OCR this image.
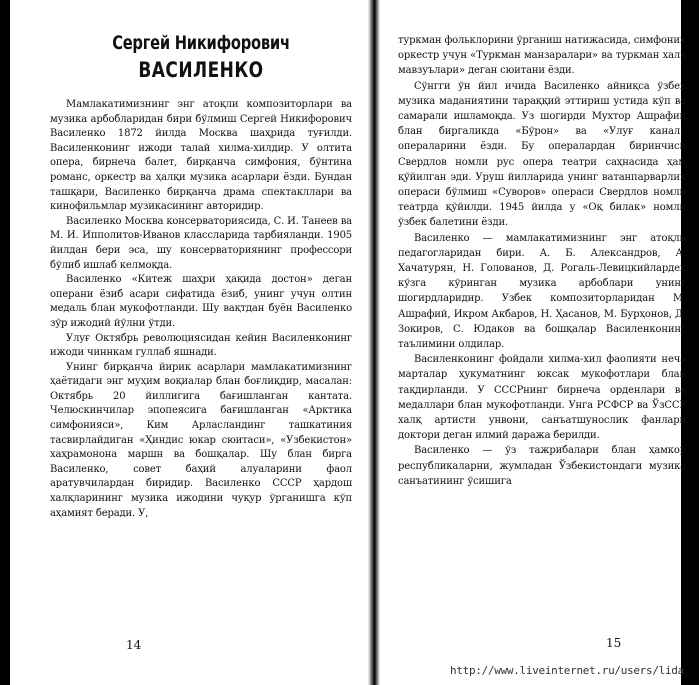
Сергей Никифорович
ВАСИЛЕНКО

Мамлакатимизнинг энг атоқли композиторлари ва музика арбобларидан бири бўлмиш Сергей Никифорович Василенко 1872 йилда Москва шаҳрида туғилди. Василенконинг ижоди талай хилма-хилдир. У олтита опера, бирнеча балет, бирқанча симфония, бўнтина романс, оркестр ва ҳалқи музика асарлари ёзди. Бундан ташқари, Василенко бирқанча драма спектакллари ва кинофильмлар музикасининг авторидир.

Василенко Москва консерваториясида, С. И. Танеев ва М. И. Ипполитов-Иванов классларида тарбияланди. 1905 йилдан бери эса, шу консерваториянинг профессори бўлиб ишлаб келмоқда.

Василенко «Китеж шаҳри ҳақида достон» деган операни ёзиб асари сифатида ёзиб, унинг учун олтин медаль блан мукофотланди. Шу вақтдан буён Василенко зўр ижодий йўлни ўтди.

Улуғ Октябрь революциясидан кейин Василенконинг ижоди чиннкам гуллаб яшнади.

Унинг бирқанча йирик асарлари мамлакатимизнинг ҳаётидаги энг муҳим воқиалар блан боғлиқдир, масалан: Октябрь 20 йиллигига бағишланган кантата. Челюскинчилар эпопеясига бағишланган «Арктика симфонияси», Ким Арласландинг ташкатиния тасвирлайдиган «Ҳиндис юкар сюитаси», «Узбекистон» хаҳрамонона маршн ва бошқалар. Шу блан бирга Василенко, совет баҳий алуаларини фаол аратувчилардан биридир. Василенко СССР ҳардош халқларининг музика ижодини чуқур ўрганишга кўп аҳамият беради. У,

14

туркман фольклорини ўрганиш натижасида, симфоник оркестр учун «Туркман манзаралари» ва туркман халқ мавзуълари» деган сюитани ёзди.

Сўнгги ўн йил ичида Василенко айниқса ўзбек музика маданиятини тараққий эттириш устида кўп ва самарали ишламоқда. Уз шогирди Мухтор Ашрафий блан биргаликда «Бўрон» ва «Улуғ канал» операларини ёзди. Бу опералардан биринчиси Свердлов номли рус опера театри саҳнасида ҳам қўйилган эди. Уруш йилларида унинг ватанпарварлик операси бўлмиш «Суворов» операси Свердлов номли театрда қўйилди. 1945 йилда у «Оқ билак» номли ўзбек балетини ёзди.

Василенко — мамлакатимизнинг энг атоқли педагогларидан бири. А. Б. Александров, А. Хачатурян, Н. Голованов, Д. Рогаль-Левицкийлардек кўзга кўринган музика арбоблари унинг шогирдларидир. Узбек композиторларидан М. Ашрафий, Икром Акбаров, Н. Ҳасанов, М. Бурҳонов, Д. Зокиров, С. Юдаков ва бошқалар Василенконинг таълимини олдилар.

Василенконинг фойдали хилма-хил фаолияти неча марталар ҳукуматнинг юксак мукофотлари блан тақдирланди. У СССРнинг бирнеча орденлари ва медаллари блан мукофотланди. Унга РСФСР ва ЎзССР халқ артисти унвони, санъатшунослик фанлари доктори деган илмий даража берилди.

Василенко — ўз тажрибалари блан ҳамкор республикаларни, жумладан Ўзбекистондаги музика санъатининг ўсишига

15
http://www.liveinternet.ru/users/lida
